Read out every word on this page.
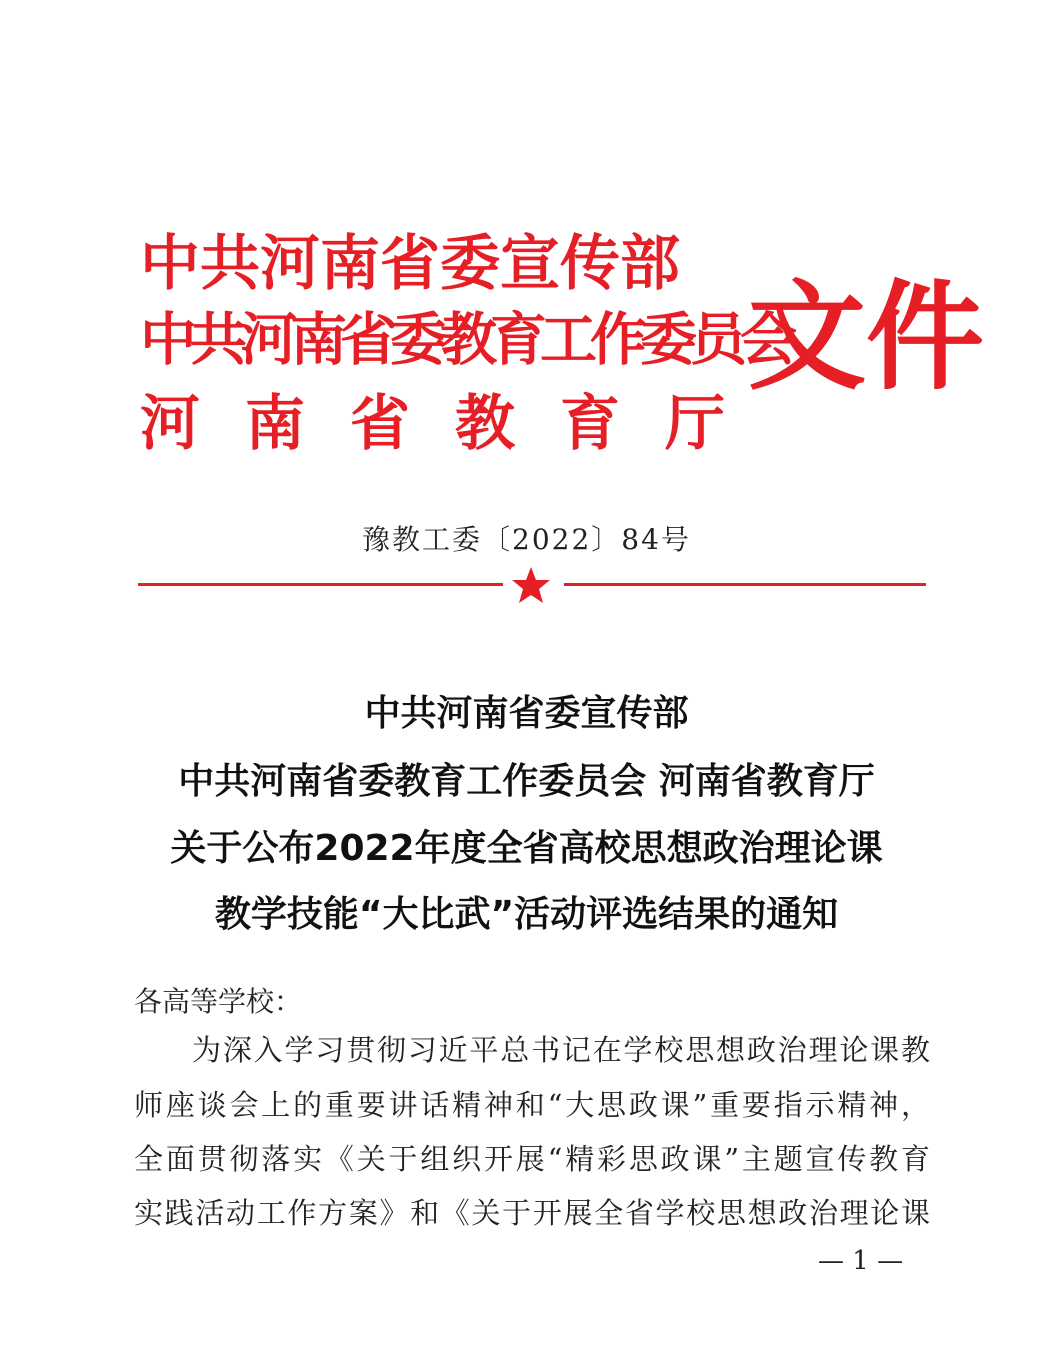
中共河南省委宣传部
中共河南省委教育工作委员会
河南省教育厅
文件
豫教工委〔2022〕84号
中共河南省委宣传部
中共河南省委教育工作委员会 河南省教育厅
关于公布2022年度全省高校思想政治理论课
教学技能“大比武”活动评选结果的通知
各高等学校：
为深入学习贯彻习近平总书记在学校思想政治理论课教
师座谈会上的重要讲话精神和“大思政课”重要指示精神，
全面贯彻落实《关于组织开展“精彩思政课”主题宣传教育
实践活动工作方案》和《关于开展全省学校思想政治理论课
— 1 —
